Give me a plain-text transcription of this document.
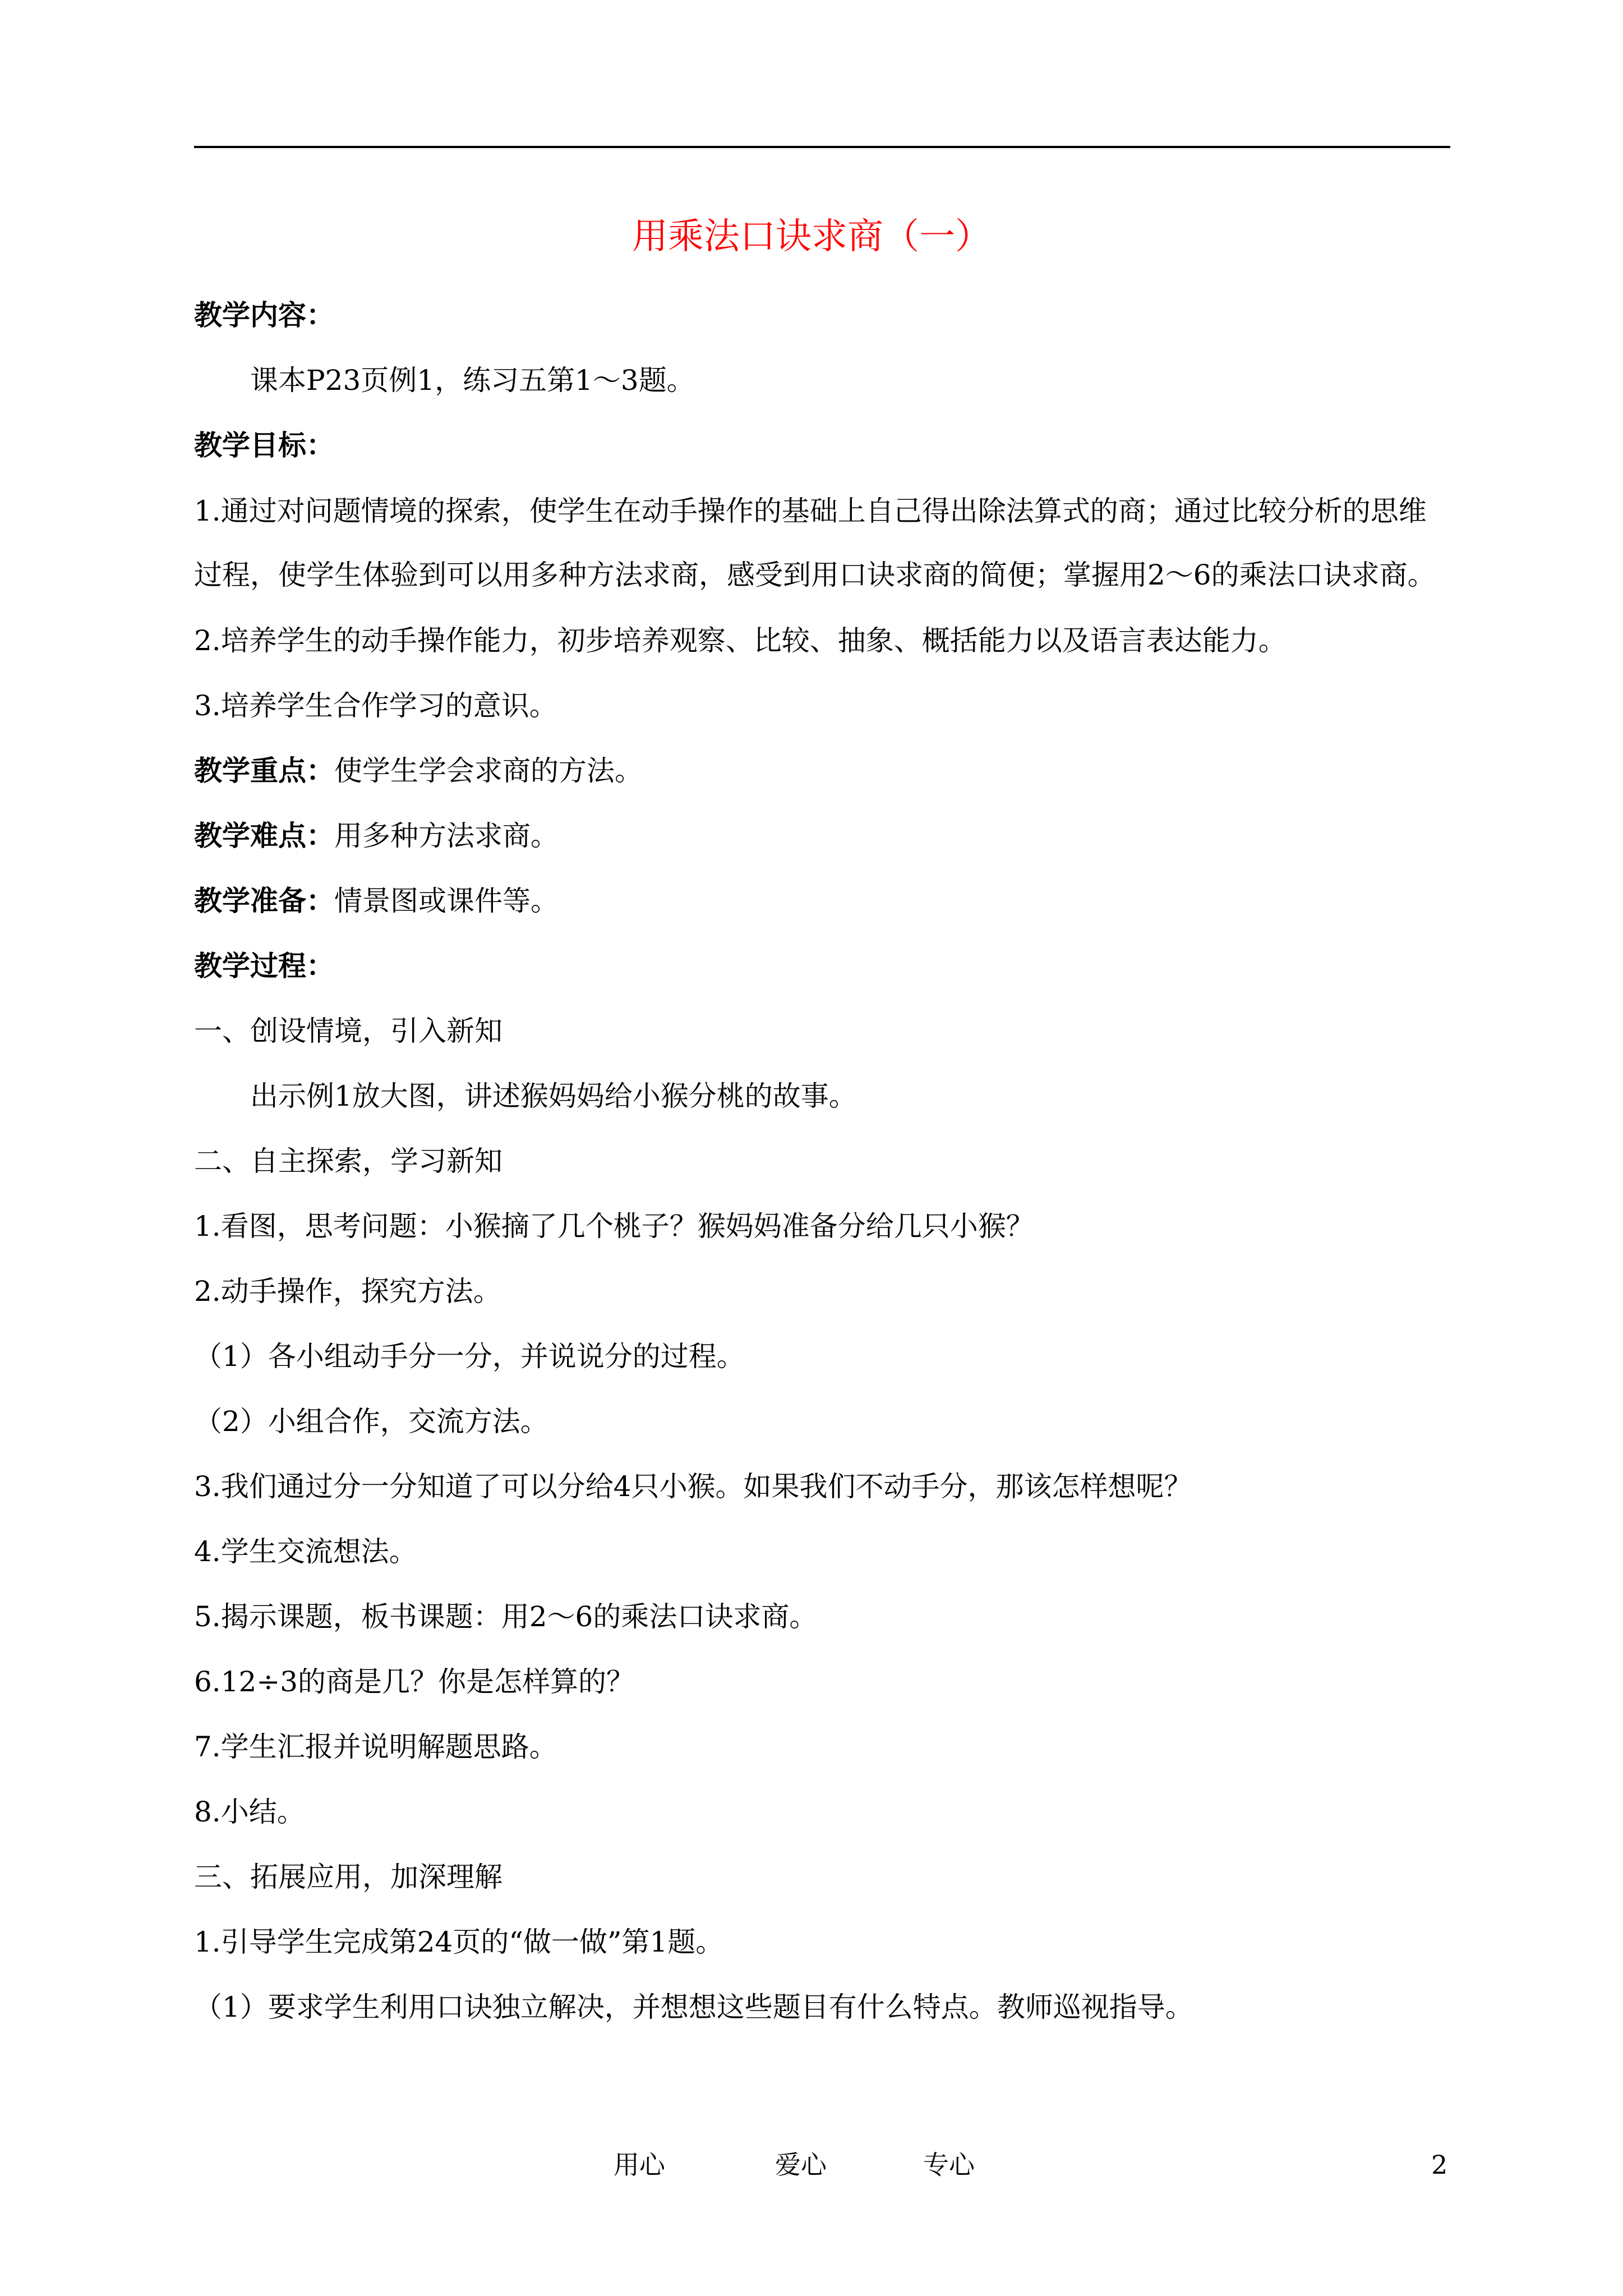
用乘法口诀求商（一）

教学内容：

课本P23页例1，练习五第1～3题。

教学目标：

1.通过对问题情境的探索，使学生在动手操作的基础上自己得出除法算式的商；通过比较分析的思维过程，使学生体验到可以用多种方法求商，感受到用口诀求商的简便；掌握用2～6的乘法口诀求商。

2.培养学生的动手操作能力，初步培养观察、比较、抽象、概括能力以及语言表达能力。

3.培养学生合作学习的意识。

教学重点：使学生学会求商的方法。

教学难点：用多种方法求商。

教学准备：情景图或课件等。

教学过程：

一、创设情境，引入新知

出示例1放大图，讲述猴妈妈给小猴分桃的故事。

二、自主探索，学习新知

1.看图，思考问题：小猴摘了几个桃子？猴妈妈准备分给几只小猴？

2.动手操作，探究方法。

（1）各小组动手分一分，并说说分的过程。

（2）小组合作，交流方法。

3.我们通过分一分知道了可以分给4只小猴。如果我们不动手分，那该怎样想呢？

4.学生交流想法。

5.揭示课题，板书课题：用2～6的乘法口诀求商。

6.12÷3的商是几？你是怎样算的？

7.学生汇报并说明解题思路。

8.小结。

三、拓展应用，加深理解

1.引导学生完成第24页的“做一做”第1题。

（1）要求学生利用口诀独立解决，并想想这些题目有什么特点。教师巡视指导。

用心	爱心	专心	2
